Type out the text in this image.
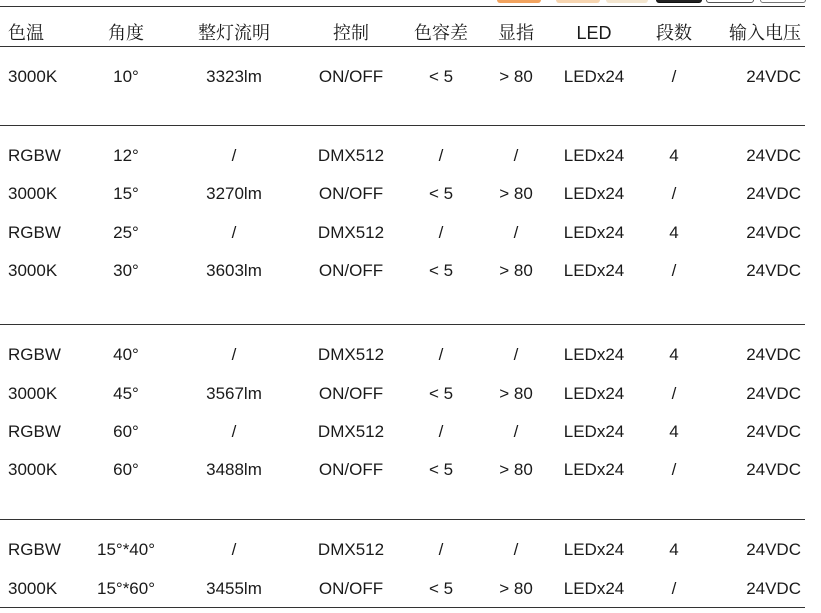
色温	角度	整灯流明	控制	色容差	显指	LED	段数	输入电压
3000K	10°	3323lm	ON/OFF	< 5	> 80	LEDx24	/	24VDC
RGBW	12°	/	DMX512	/	/	LEDx24	4	24VDC
3000K	15°	3270lm	ON/OFF	< 5	> 80	LEDx24	/	24VDC
RGBW	25°	/	DMX512	/	/	LEDx24	4	24VDC
3000K	30°	3603lm	ON/OFF	< 5	> 80	LEDx24	/	24VDC
RGBW	40°	/	DMX512	/	/	LEDx24	4	24VDC
3000K	45°	3567lm	ON/OFF	< 5	> 80	LEDx24	/	24VDC
RGBW	60°	/	DMX512	/	/	LEDx24	4	24VDC
3000K	60°	3488lm	ON/OFF	< 5	> 80	LEDx24	/	24VDC
RGBW	15°*40°	/	DMX512	/	/	LEDx24	4	24VDC
3000K	15°*60°	3455lm	ON/OFF	< 5	> 80	LEDx24	/	24VDC
